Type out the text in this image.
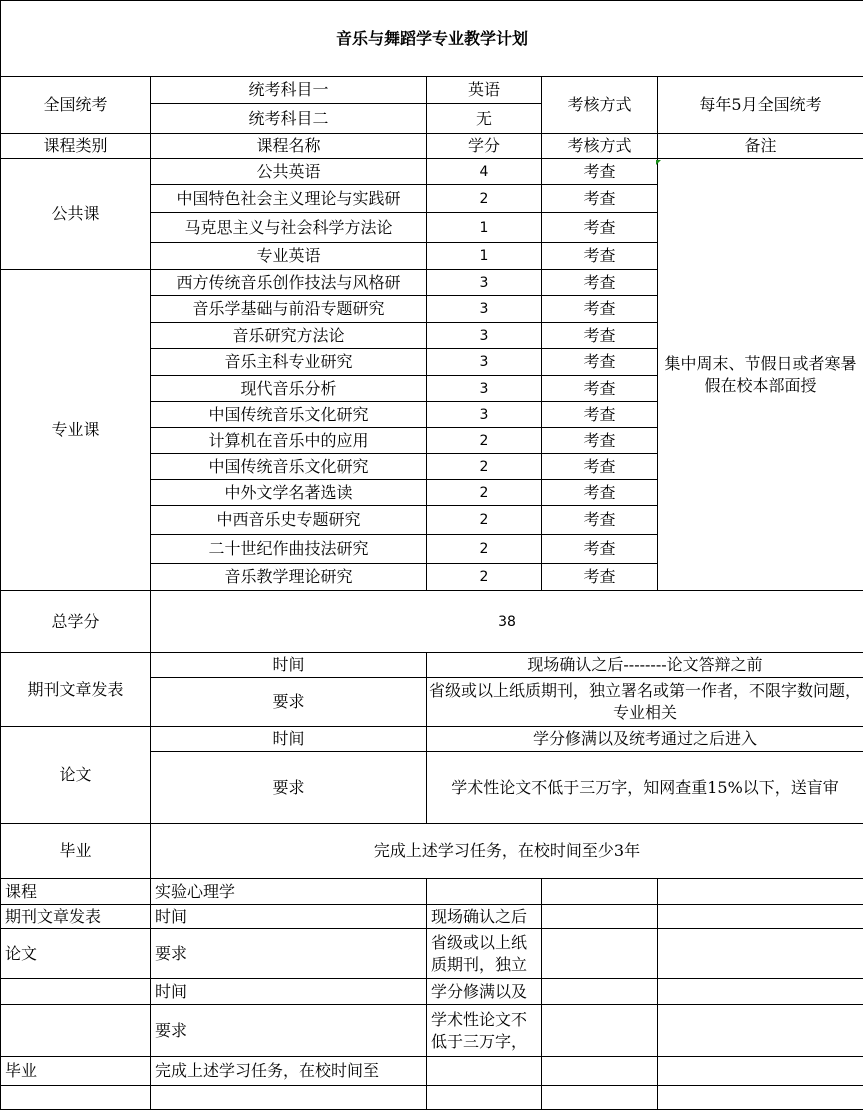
音乐与舞蹈学专业教学计划				
全国统考	统考科目一	英语	考核方式	每年5月全国统考
	统考科目二	无		
课程类别	课程名称	学分	考核方式	备注
公共课	公共英语	4	考查	集中周末、节假日或者寒暑假在校本部面授
	中国特色社会主义理论与实践研	2	考查	
	马克思主义与社会科学方法论	1	考查	
	专业英语	1	考查	
专业课	西方传统音乐创作技法与风格研	3	考查	
	音乐学基础与前沿专题研究	3	考查	
	音乐研究方法论	3	考查	
	音乐主科专业研究	3	考查	
	现代音乐分析	3	考查	
	中国传统音乐文化研究	3	考查	
	计算机在音乐中的应用	2	考查	
	中国传统音乐文化研究	2	考查	
	中外文学名著选读	2	考查	
	中西音乐史专题研究	2	考查	
	二十世纪作曲技法研究	2	考查	
	音乐教学理论研究	2	考查	
总学分	38			
期刊文章发表	时间	现场确认之后--------论文答辩之前		
	要求	省级或以上纸质期刊，独立署名或第一作者，不限字数问题，专业相关		
论文	时间	学分修满以及统考通过之后进入		
	要求	学术性论文不低于三万字，知网查重15%以下，送盲审		
毕业	完成上述学习任务，在校时间至少3年			
课程	实验心理学			
期刊文章发表	时间	现场确认之后		
论文	要求	省级或以上纸质期刊，独立		
	时间	学分修满以及		
	要求	学术性论文不低于三万字，		
毕业	完成上述学习任务，在校时间至			
